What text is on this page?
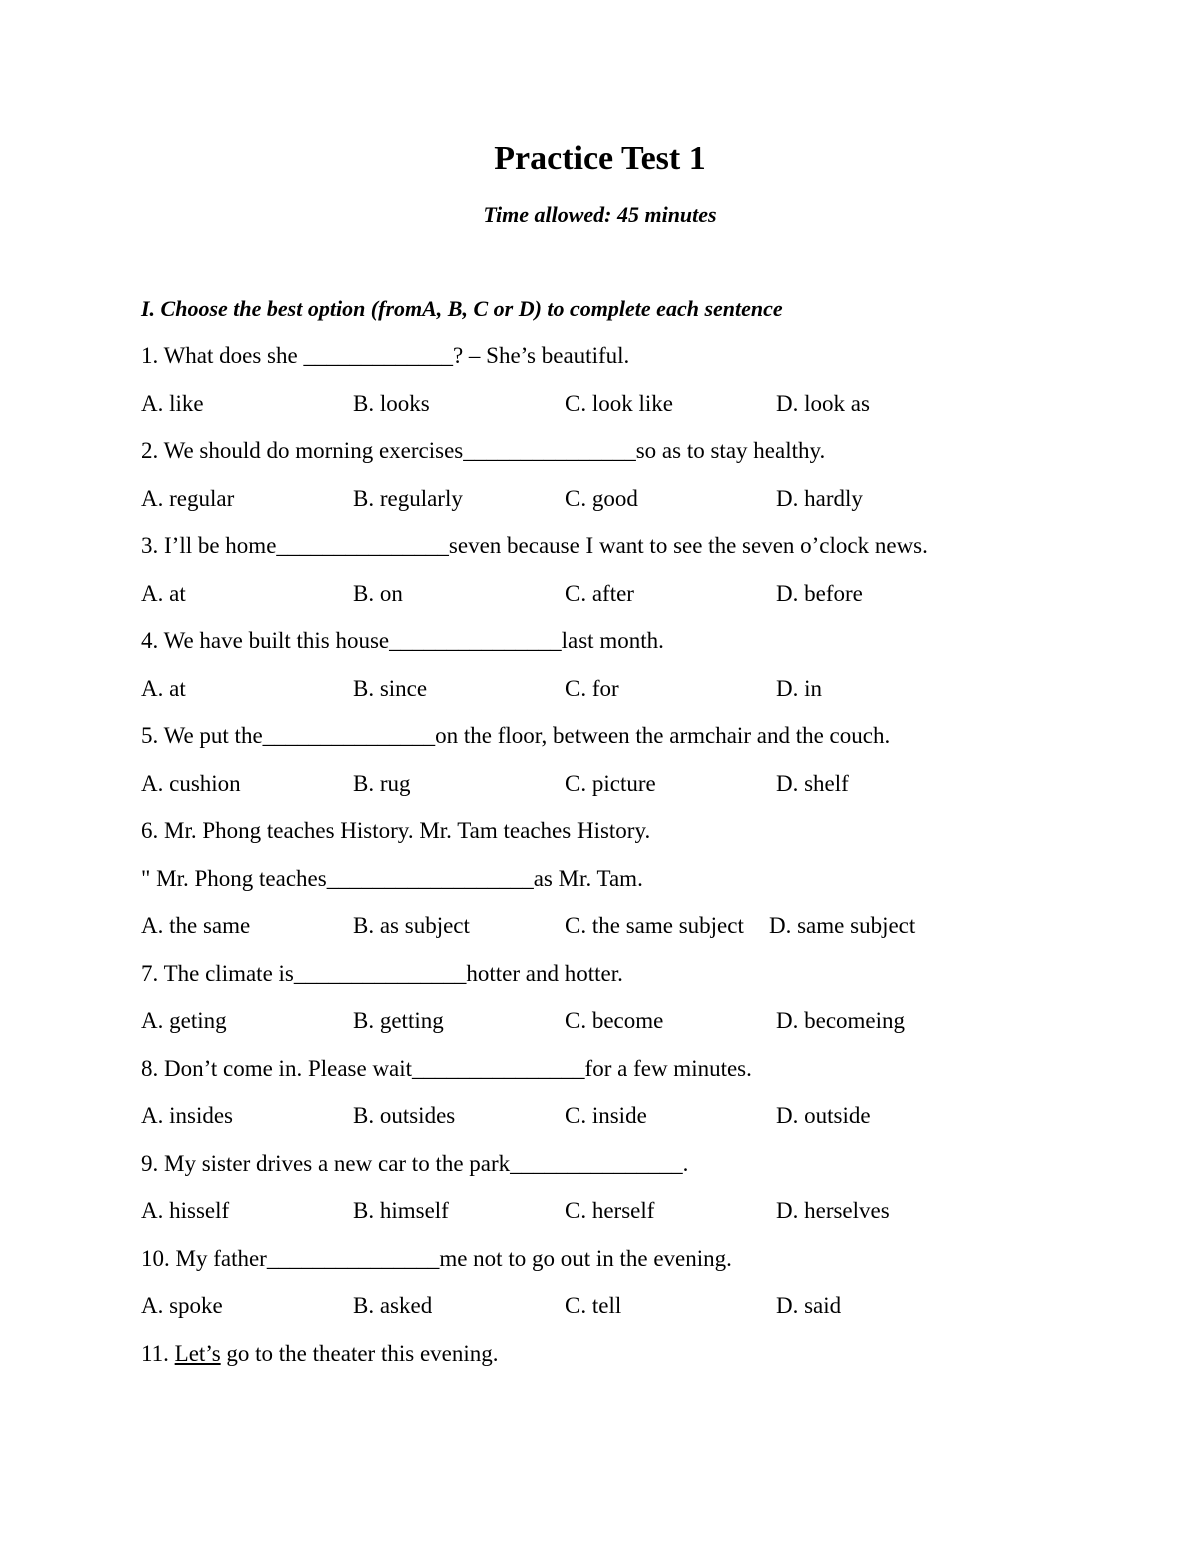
Practice Test 1
Time allowed: 45 minutes
I. Choose the best option (fromA, B, C or D) to complete each sentence
1. What does she _____________? – She’s beautiful.
A. like	B. looks	C. look like	D. look as
2. We should do morning exercises_______________so as to stay healthy.
A. regular	B. regularly	C. good	D. hardly
3. I’ll be home_______________seven because I want to see the seven o’clock news.
A. at	B. on	C. after	D. before
4. We have built this house_______________last month.
A. at	B. since	C. for	D. in
5. We put the_______________on the floor, between the armchair and the couch.
A. cushion	B. rug	C. picture	D. shelf
6. Mr. Phong teaches History. Mr. Tam teaches History.
" Mr. Phong teaches__________________as Mr. Tam.
A. the same	B. as subject	C. the same subject D. same subject
7. The climate is_______________hotter and hotter.
A. geting	B. getting	C. become	D. becomeing
8. Don’t come in. Please wait_______________for a few minutes.
A. insides	B. outsides	C. inside	D. outside
9. My sister drives a new car to the park_______________.
A. hisself	B. himself	C. herself	D. herselves
10. My father_______________me not to go out in the evening.
A. spoke	B. asked	C. tell	D. said
11. Let’s go to the theater this evening.
